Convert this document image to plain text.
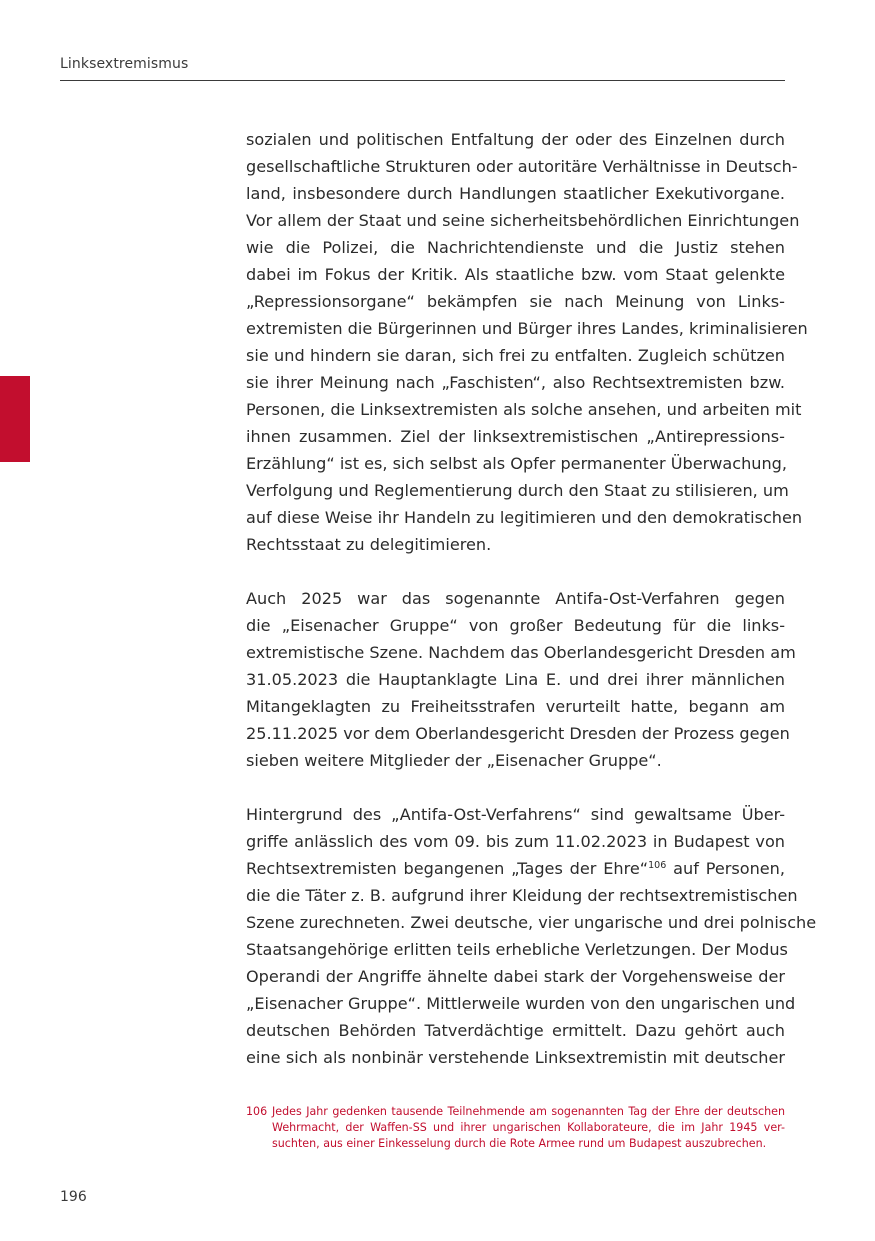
Linksextremismus
sozialen und politischen Entfaltung der oder des Einzelnen durch
gesellschaftliche Strukturen oder autoritäre Verhältnisse in Deutsch-
land, insbesondere durch Handlungen staatlicher Exekutivorgane.
Vor allem der Staat und seine sicherheitsbehördlichen Einrichtungen
wie die Polizei, die Nachrichtendienste und die Justiz stehen
dabei im Fokus der Kritik. Als staatliche bzw. vom Staat gelenkte
„Repressionsorgane“ bekämpfen sie nach Meinung von Links-
extremisten die Bürgerinnen und Bürger ihres Landes, kriminalisieren
sie und hindern sie daran, sich frei zu entfalten. Zugleich schützen
sie ihrer Meinung nach „Faschisten“, also Rechtsextremisten bzw.
Personen, die Linksextremisten als solche ansehen, und arbeiten mit
ihnen zusammen. Ziel der linksextremistischen „Antirepressions-
Erzählung“ ist es, sich selbst als Opfer permanenter Überwachung,
Verfolgung und Reglementierung durch den Staat zu stilisieren, um
auf diese Weise ihr Handeln zu legitimieren und den demokratischen
Rechtsstaat zu delegitimieren.
Auch 2025 war das sogenannte Antifa-Ost-Verfahren gegen
die „Eisenacher Gruppe“ von großer Bedeutung für die links-
extremistische Szene. Nachdem das Oberlandesgericht Dresden am
31.05.2023 die Hauptanklagte Lina E. und drei ihrer männlichen
Mitangeklagten zu Freiheitsstrafen verurteilt hatte, begann am
25.11.2025 vor dem Oberlandesgericht Dresden der Prozess gegen
sieben weitere Mitglieder der „Eisenacher Gruppe“.
Hintergrund des „Antifa-Ost-Verfahrens“ sind gewaltsame Über-
griffe anlässlich des vom 09. bis zum 11.02.2023 in Budapest von
Rechtsextremisten begangenen „Tages der Ehre“$^{106}$ auf Personen,
die die Täter z. B. aufgrund ihrer Kleidung der rechtsextremistischen
Szene zurechneten. Zwei deutsche, vier ungarische und drei polnische
Staatsangehörige erlitten teils erhebliche Verletzungen. Der Modus
Operandi der Angriffe ähnelte dabei stark der Vorgehensweise der
„Eisenacher Gruppe“. Mittlerweile wurden von den ungarischen und
deutschen Behörden Tatverdächtige ermittelt. Dazu gehört auch
eine sich als nonbinär verstehende Linksextremistin mit deutscher
106 Jedes Jahr gedenken tausende Teilnehmende am sogenannten Tag der Ehre der deutschen
Wehrmacht, der Waffen-SS und ihrer ungarischen Kollaborateure, die im Jahr 1945 ver-
suchten, aus einer Einkesselung durch die Rote Armee rund um Budapest auszubrechen.
196
